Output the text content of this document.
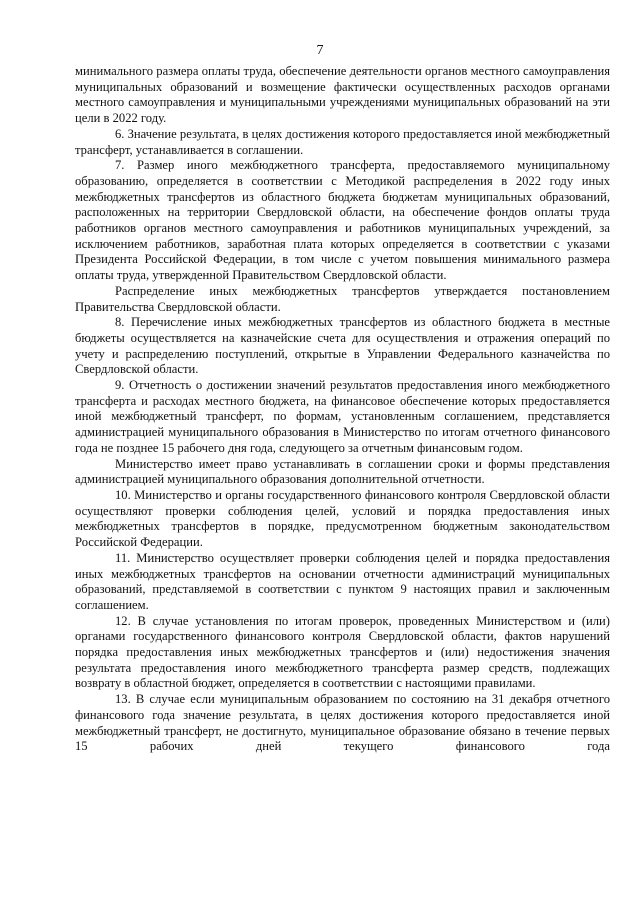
7

минимального размера оплаты труда, обеспечение деятельности органов местного самоуправления муниципальных образований и возмещение фактически осуществленных расходов органами местного самоуправления и муниципальными учреждениями муниципальных образований на эти цели в 2022 году.

6. Значение результата, в целях достижения которого предоставляется иной межбюджетный трансферт, устанавливается в соглашении.

7. Размер иного межбюджетного трансферта, предоставляемого муниципальному образованию, определяется в соответствии с Методикой распределения в 2022 году иных межбюджетных трансфертов из областного бюджета бюджетам муниципальных образований, расположенных на территории Свердловской области, на обеспечение фондов оплаты труда работников органов местного самоуправления и работников муниципальных учреждений, за исключением работников, заработная плата которых определяется в соответствии с указами Президента Российской Федерации, в том числе с учетом повышения минимального размера оплаты труда, утвержденной Правительством Свердловской области.

Распределение иных межбюджетных трансфертов утверждается постановлением Правительства Свердловской области.

8. Перечисление иных межбюджетных трансфертов из областного бюджета в местные бюджеты осуществляется на казначейские счета для осуществления и отражения операций по учету и распределению поступлений, открытые в Управлении Федерального казначейства по Свердловской области.

9. Отчетность о достижении значений результатов предоставления иного межбюджетного трансферта и расходах местного бюджета, на финансовое обеспечение которых предоставляется иной межбюджетный трансферт, по формам, установленным соглашением, представляется администрацией муниципального образования в Министерство по итогам отчетного финансового года не позднее 15 рабочего дня года, следующего за отчетным финансовым годом.

Министерство имеет право устанавливать в соглашении сроки и формы представления администрацией муниципального образования дополнительной отчетности.

10. Министерство и органы государственного финансового контроля Свердловской области осуществляют проверки соблюдения целей, условий и порядка предоставления иных межбюджетных трансфертов в порядке, предусмотренном бюджетным законодательством Российской Федерации.

11. Министерство осуществляет проверки соблюдения целей и порядка предоставления иных межбюджетных трансфертов на основании отчетности администраций муниципальных образований, представляемой в соответствии с пунктом 9 настоящих правил и заключенным соглашением.

12. В случае установления по итогам проверок, проведенных Министерством и (или) органами государственного финансового контроля Свердловской области, фактов нарушений порядка предоставления иных межбюджетных трансфертов и (или) недостижения значения результата предоставления иного межбюджетного трансферта размер средств, подлежащих возврату в областной бюджет, определяется в соответствии с настоящими правилами.

13. В случае если муниципальным образованием по состоянию на 31 декабря отчетного финансового года значение результата, в целях достижения которого предоставляется иной межбюджетный трансферт, не достигнуто, муниципальное образование обязано в течение первых 15 рабочих дней текущего финансового года
